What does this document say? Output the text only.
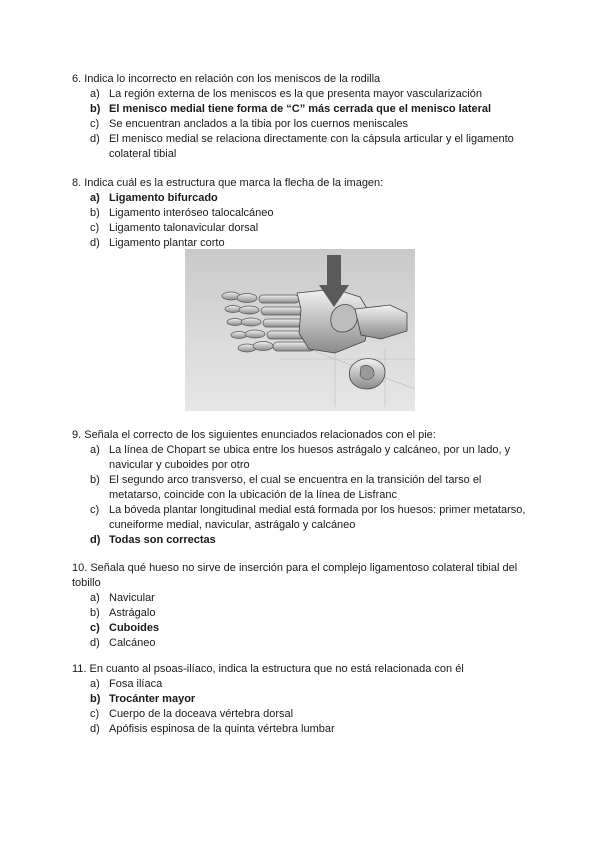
6. Indica lo incorrecto en relación con los meniscos de la rodilla

a) La región externa de los meniscos es la que presenta mayor vascularización
b) El menisco medial tiene forma de “C” más cerrada que el menisco lateral
c) Se encuentran anclados a la tibia por los cuernos meniscales
d) El menisco medial se relaciona directamente con la cápsula articular y el ligamento colateral tibial

8. Indica cuál es la estructura que marca la flecha de la imagen:

a) Ligamento bifurcado
b) Ligamento interóseo talocalcáneo
c) Ligamento talonavicular dorsal
d) Ligamento plantar corto

9. Señala el correcto de los siguientes enunciados relacionados con el pie:

a) La línea de Chopart se ubica entre los huesos astrágalo y calcáneo, por un lado, y navicular y cuboides por otro
b) El segundo arco transverso, el cual se encuentra en la transición del tarso el metatarso, coincide con la ubicación de la línea de Lisfranc
c) La bóveda plantar longitudinal medial está formada por los huesos: primer metatarso, cuneiforme medial, navicular, astrágalo y calcáneo
d) Todas son correctas

10. Señala qué hueso no sirve de inserción para el complejo ligamentoso colateral tibial del tobillo

a) Navicular
b) Astrágalo
c) Cuboides
d) Calcáneo

11. En cuanto al psoas-ilíaco, indica la estructura que no está relacionada con él

a) Fosa ilíaca
b) Trocánter mayor
c) Cuerpo de la doceava vértebra dorsal
d) Apófisis espinosa de la quinta vértebra lumbar
